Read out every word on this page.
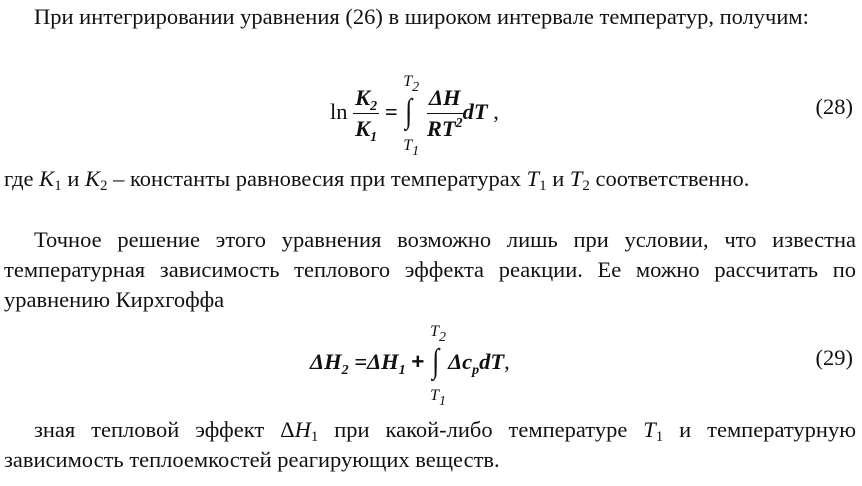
При интегрировании уравнения (26) в широком интервале температур, получим:

$\ln \frac{K_2}{K_1}$ =
T2
∫
T1

$\frac{\Delta H}{RT^2}$ dT ,	(28)

где $K_1$ и $K_2$ – константы равновесия при температурах $T_1$ и $T_2$ соответственно.

Точное решение этого уравнения возможно лишь при условии, что известна температурная зависимость теплового эффекта реакции. Ее можно рассчитать по уравнению Кирхгоффа

$\Delta H_2 =\Delta H_1$ +
T2
∫
T1
$\Delta c_pdT$,	(29)

зная тепловой эффект $\Delta H_1$ при какой-либо температуре $T_1$ и температурную зависимость теплоемкостей реагирующих веществ.
